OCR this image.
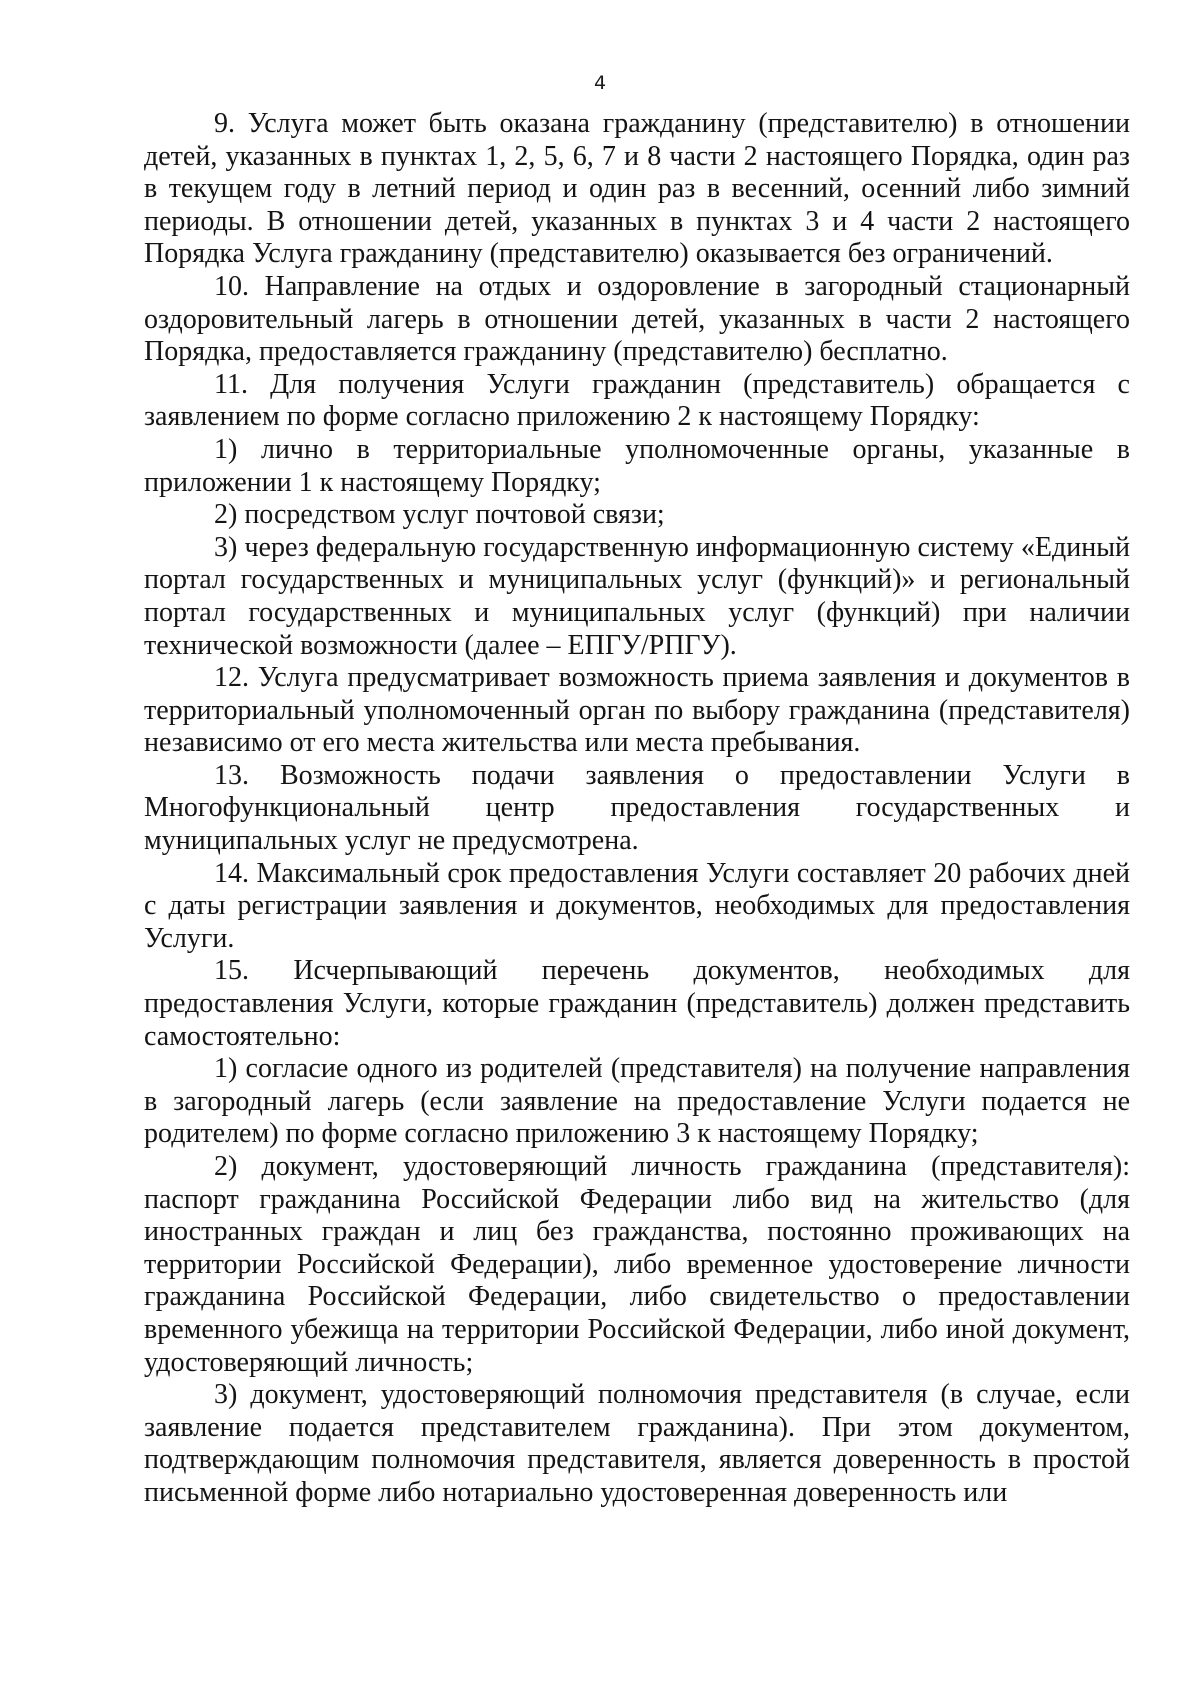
4

9. Услуга может быть оказана гражданину (представителю) в отношении детей, указанных в пунктах 1, 2, 5, 6, 7 и 8 части 2 настоящего Порядка, один раз в текущем году в летний период и один раз в весенний, осенний либо зимний периоды. В отношении детей, указанных в пунктах 3 и 4 части 2 настоящего Порядка Услуга гражданину (представителю) оказывается без ограничений.

10. Направление на отдых и оздоровление в загородный стационарный оздоровительный лагерь в отношении детей, указанных в части 2 настоящего Порядка, предоставляется гражданину (представителю) бесплатно.

11. Для получения Услуги гражданин (представитель) обращается с заявлением по форме согласно приложению 2 к настоящему Порядку:

1) лично в территориальные уполномоченные органы, указанные в приложении 1 к настоящему Порядку;

2) посредством услуг почтовой связи;

3) через федеральную государственную информационную систему «Единый портал государственных и муниципальных услуг (функций)» и региональный портал государственных и муниципальных услуг (функций) при наличии технической возможности (далее – ЕПГУ/РПГУ).

12. Услуга предусматривает возможность приема заявления и документов в территориальный уполномоченный орган по выбору гражданина (представителя) независимо от его места жительства или места пребывания.

13. Возможность подачи заявления о предоставлении Услуги в Многофункциональный центр предоставления государственных и муниципальных услуг не предусмотрена.

14. Максимальный срок предоставления Услуги составляет 20 рабочих дней с даты регистрации заявления и документов, необходимых для предоставления Услуги.

15. Исчерпывающий перечень документов, необходимых для предоставления Услуги, которые гражданин (представитель) должен представить самостоятельно:

1) согласие одного из родителей (представителя) на получение направления в загородный лагерь (если заявление на предоставление Услуги подается не родителем) по форме согласно приложению 3 к настоящему Порядку;

2) документ, удостоверяющий личность гражданина (представителя): паспорт гражданина Российской Федерации либо вид на жительство (для иностранных граждан и лиц без гражданства, постоянно проживающих на территории Российской Федерации), либо временное удостоверение личности гражданина Российской Федерации, либо свидетельство о предоставлении временного убежища на территории Российской Федерации, либо иной документ, удостоверяющий личность;

3) документ, удостоверяющий полномочия представителя (в случае, если заявление подается представителем гражданина). При этом документом, подтверждающим полномочия представителя, является доверенность в простой письменной форме либо нотариально удостоверенная доверенность или
